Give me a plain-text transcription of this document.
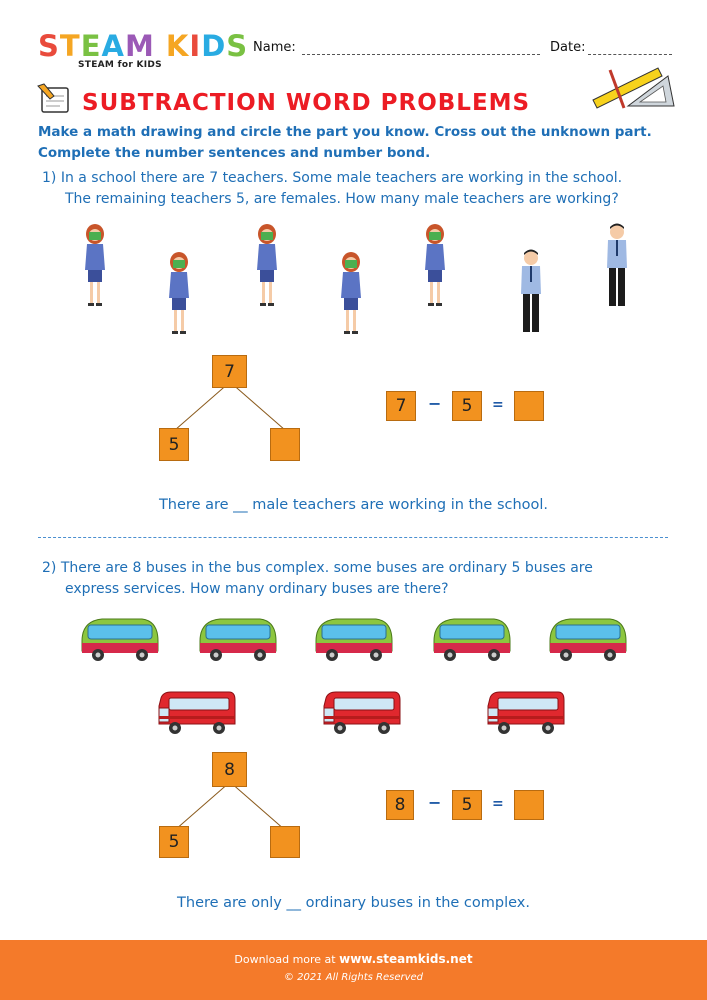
STEAM KIDS
STEAM for KIDS
Name:	Date:
SUBTRACTION WORD PROBLEMS
Make a math drawing and circle the part you know. Cross out the unknown part. Complete the number sentences and number bond.
1) In a school there are 7 teachers. Some male teachers are working in the school.
The remaining teachers 5, are females. How many male teachers are working?
7
5
7	−	5	=
There are __ male teachers are working in the school.
2) There are 8 buses in the bus complex. some buses are ordinary 5 buses are
express services. How many ordinary buses are there?
8
5
8	−	5	=
There are only __ ordinary buses in the complex.
Download more at www.steamkids.net
© 2021 All Rights Reserved
